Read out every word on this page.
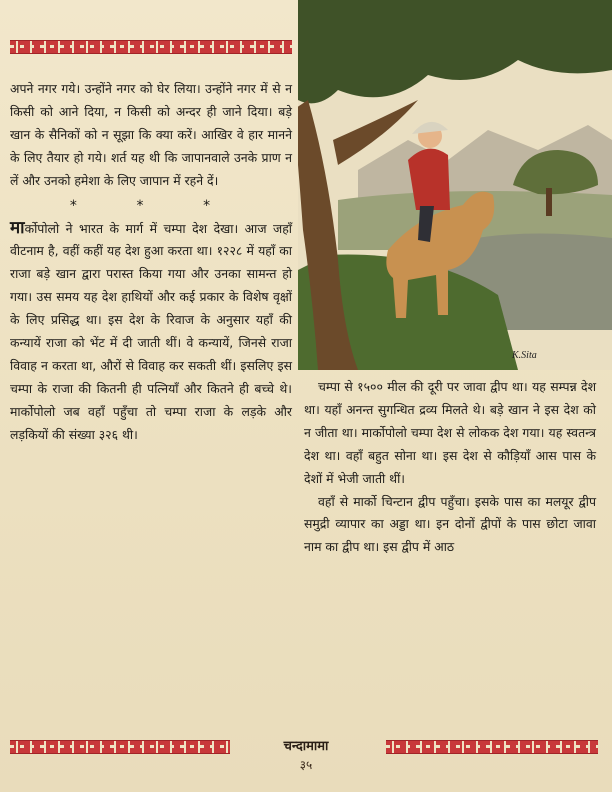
अपने नगर गये। उन्होंने नगर को घेर लिया। उन्होंने नगर में से न किसी को आने दिया, न किसी को अन्दर ही जाने दिया। बड़े खान के सैनिकों को न सूझा कि क्या करें। आखिर वे हार मानने के लिए तैयार हो गये। शर्त यह थी कि जापानवाले उनके प्राण न लें और उनको हमेशा के लिए जापान में रहने दें।

*	*	*

मार्कोपोलो ने भारत के मार्ग में चम्पा देश देखा। आज जहाँ वीटनाम है, वहीं कहीं यह देश हुआ करता था। १२२८ में यहाँ का राजा बड़े खान द्वारा परास्त किया गया और उनका सामन्त हो गया। उस समय यह देश हाथियों और कई प्रकार के विशेष वृक्षों के लिए प्रसिद्ध था। इस देश के रिवाज के अनुसार यहाँ की कन्यायें राजा को भेंट में दी जाती थीं। वे कन्यायें, जिनसे राजा विवाह न करता था, औरों से विवाह कर सकती थीं। इसलिए इस चम्पा के राजा की कितनी ही पत्नियाँ और कितने ही बच्चे थे। मार्कोपोलो जब वहाँ पहुँचा तो चम्पा राजा के लड़के और लड़कियों की संख्या ३२६ थी।

K.Sita

चम्पा से १५०० मील की दूरी पर जावा द्वीप था। यह सम्पन्न देश था। यहाँ अनन्त सुगन्धित द्रव्य मिलते थे। बड़े खान ने इस देश को न जीता था। मार्कोपोलो चम्पा देश से लोकक देश गया। यह स्वतन्त्र देश था। वहाँ बहुत सोना था। इस देश से कौड़ियाँ आस पास के देशों में भेजी जाती थीं।

वहाँ से मार्को चिन्टान द्वीप पहुँचा। इसके पास का मलयूर द्वीप समुद्री व्यापार का अड्डा था। इन दोनों द्वीपों के पास छोटा जावा नाम का द्वीप था। इस द्वीप में आठ

चन्दामामा
३५
